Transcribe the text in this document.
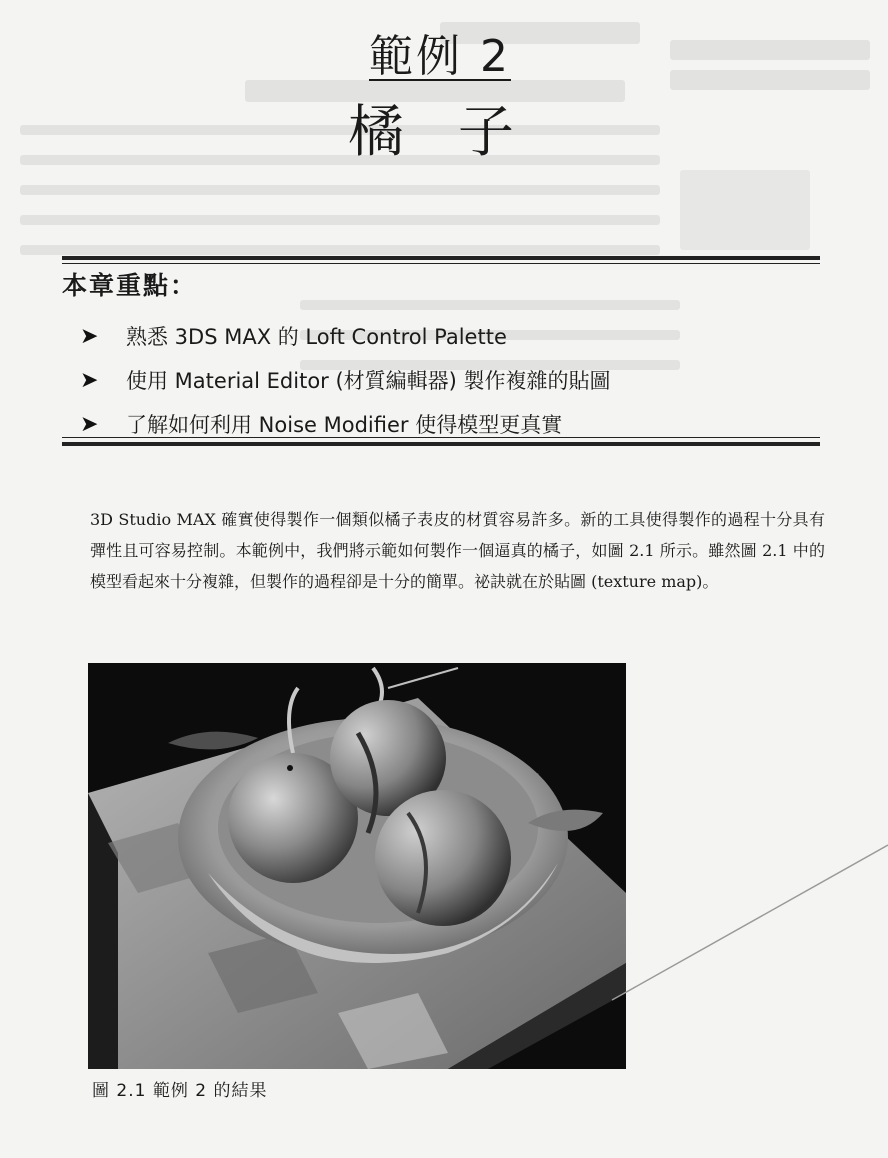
範例 2
橘 子
本章重點：
➤	熟悉 3DS MAX 的 Loft Control Palette
➤	使用 Material Editor (材質編輯器) 製作複雜的貼圖
➤	了解如何利用 Noise Modifier 使得模型更真實

3D Studio MAX 確實使得製作一個類似橘子表皮的材質容易許多。新的工具使得製作的過程十分具有彈性且可容易控制。本範例中，我們將示範如何製作一個逼真的橘子，如圖 2.1 所示。雖然圖 2.1 中的模型看起來十分複雜，但製作的過程卻是十分的簡單。祕訣就在於貼圖 (texture map)。

圖 2.1 範例 2 的結果
